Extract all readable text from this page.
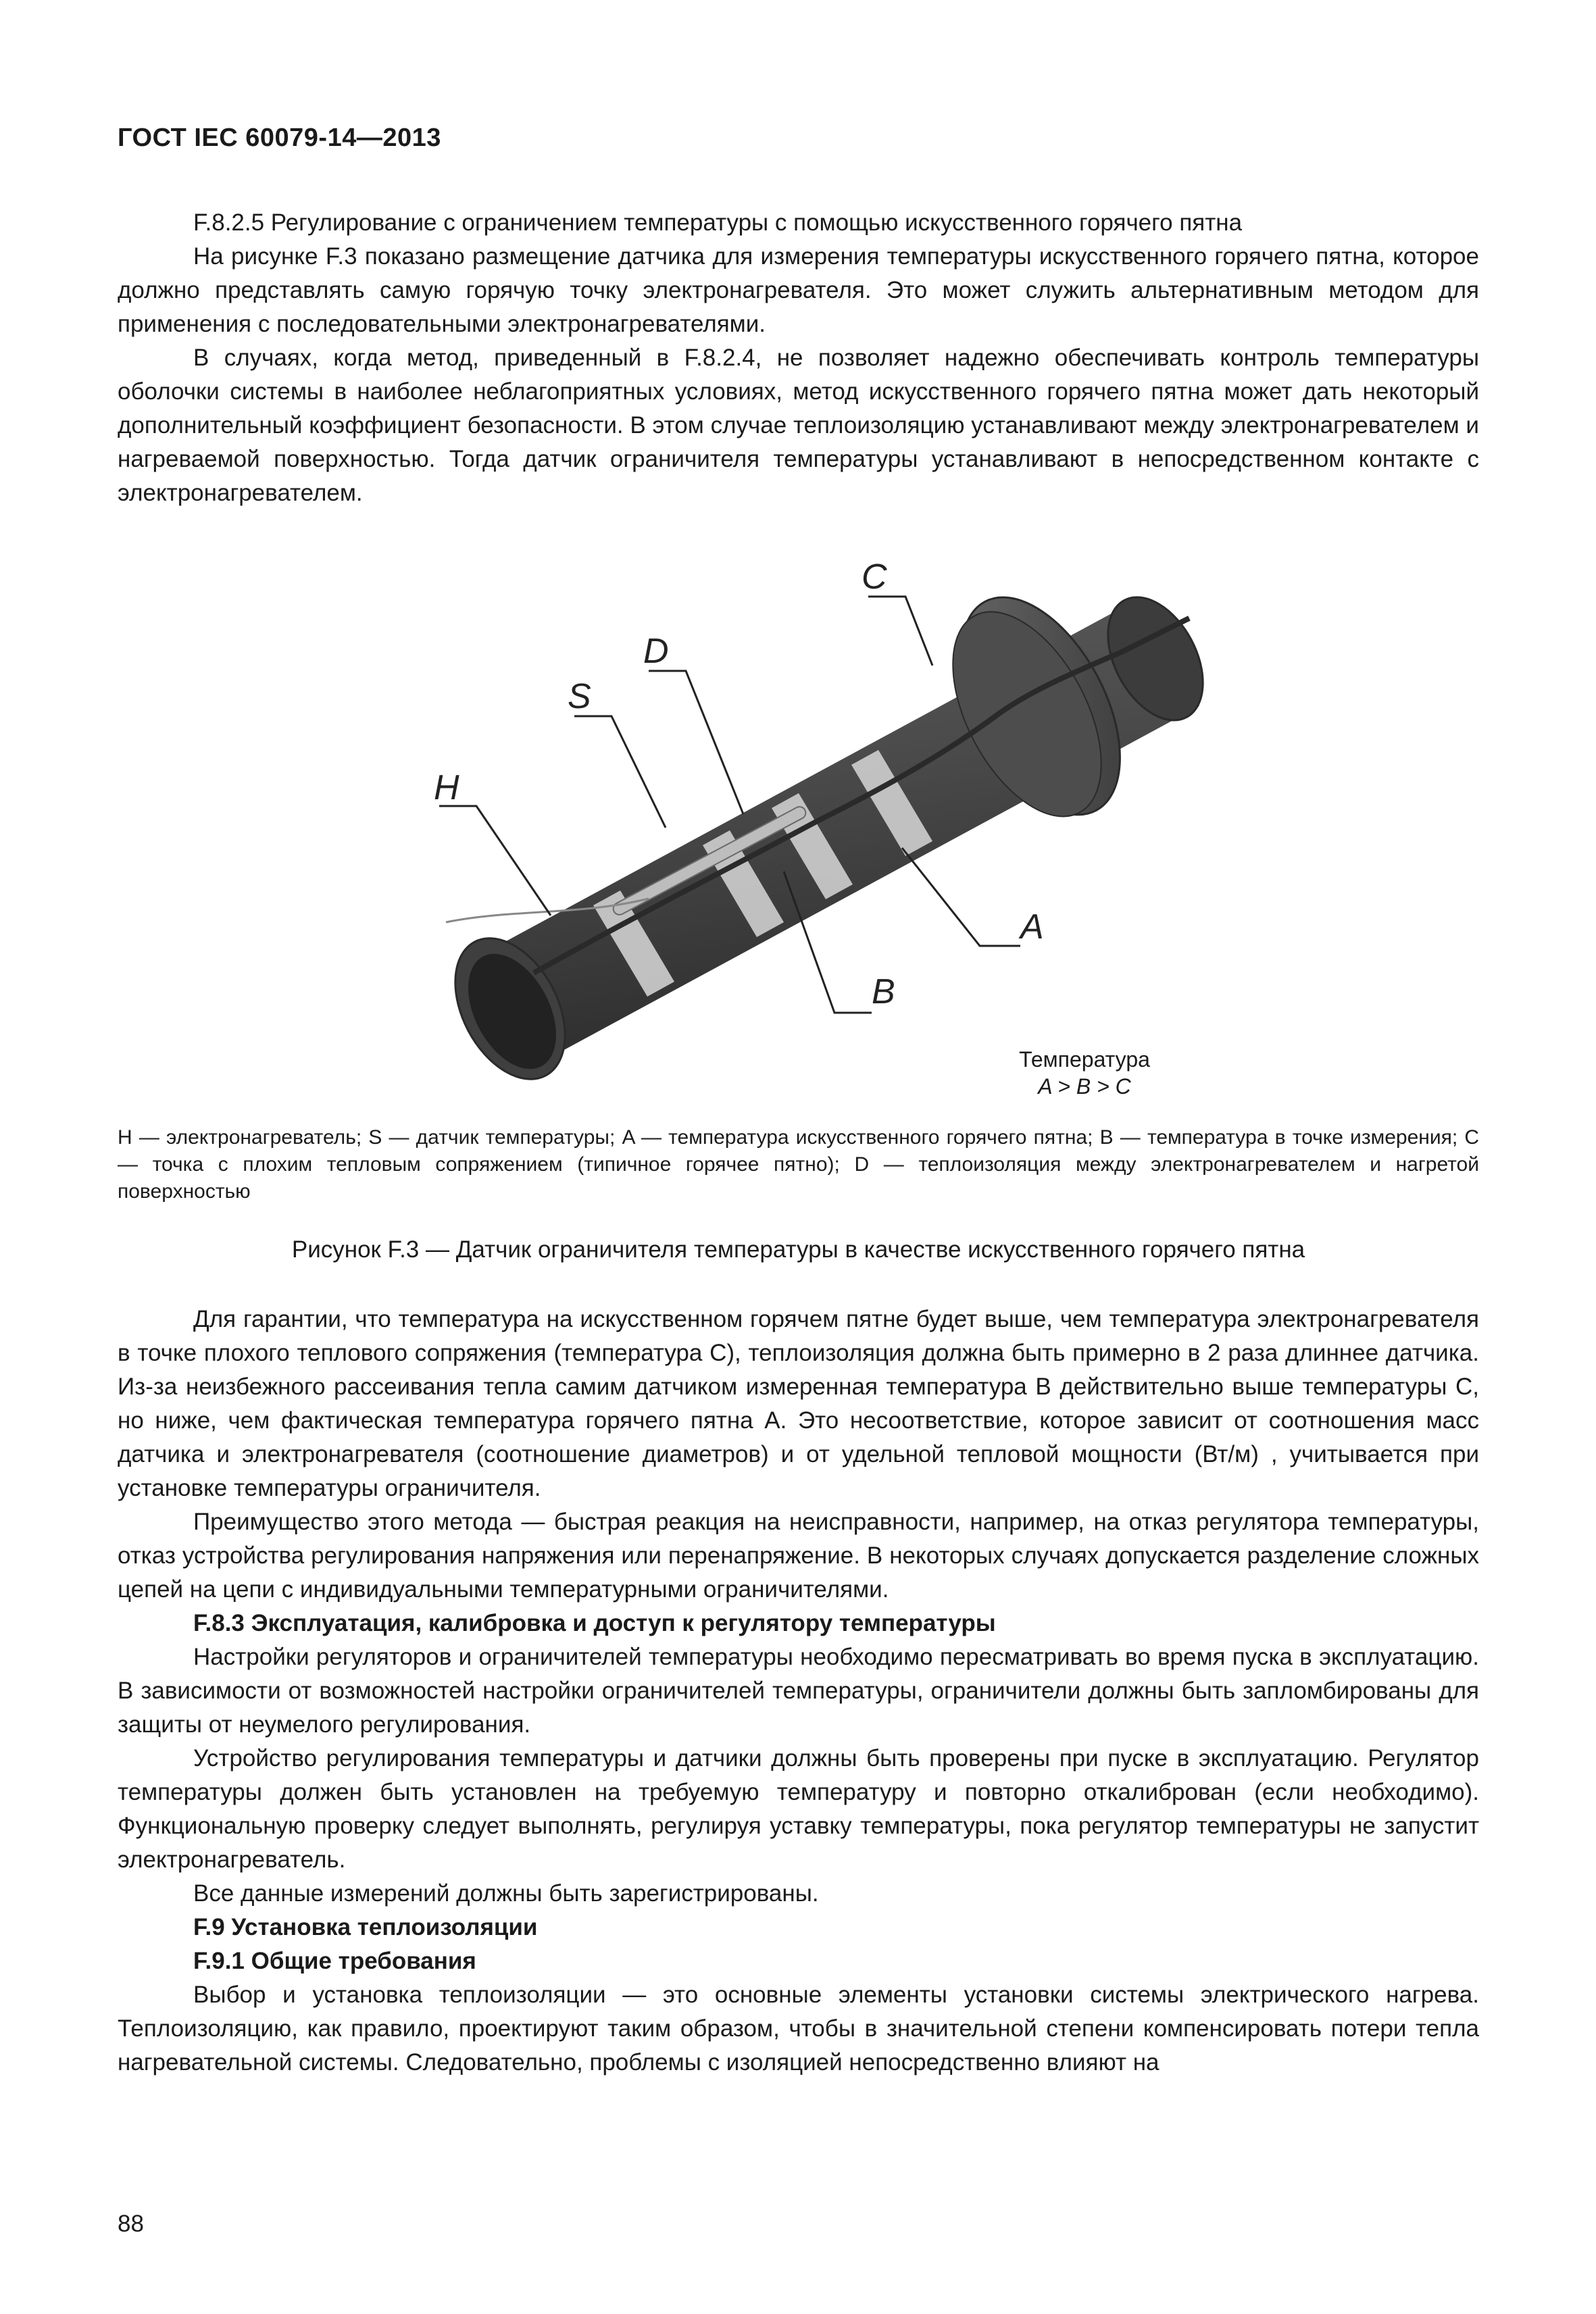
ГОСТ IEC 60079-14—2013

F.8.2.5 Регулирование с ограничением температуры с помощью искусственного горячего пятна

На рисунке F.3 показано размещение датчика для измерения температуры искусственного горячего пятна, которое должно представлять самую горячую точку электронагревателя. Это может служить альтернативным методом для применения с последовательными электронагревателями.

В случаях, когда метод, приведенный в F.8.2.4, не позволяет надежно обеспечивать контроль температуры оболочки системы в наиболее неблагоприятных условиях, метод искусственного горячего пятна может дать некоторый дополнительный коэффициент безопасности. В этом случае теплоизоляцию устанавливают между электронагревателем и нагреваемой поверхностью. Тогда датчик ограничителя температуры устанавливают в непосредственном контакте с электронагревателем.

H
S
D
C
A
B
Температура
A > B > C

H — электронагреватель; S — датчик температуры; A — температура искусственного горячего пятна; B — температура в точке измерения; C — точка с плохим тепловым сопряжением (типичное горячее пятно); D — теплоизоляция между электронагревателем и нагретой поверхностью

Рисунок F.3 — Датчик ограничителя температуры в качестве искусственного горячего пятна

Для гарантии, что температура на искусственном горячем пятне будет выше, чем температура электронагревателя в точке плохого теплового сопряжения (температура С), теплоизоляция должна быть примерно в 2 раза длиннее датчика. Из-за неизбежного рассеивания тепла самим датчиком измеренная температура В действительно выше температуры С, но ниже, чем фактическая температура горячего пятна А. Это несоответствие, которое зависит от соотношения масс датчика и электронагревателя (соотношение диаметров) и от удельной тепловой мощности (Вт/м) , учитывается при установке температуры ограничителя.

Преимущество этого метода — быстрая реакция на неисправности, например, на отказ регулятора температуры, отказ устройства регулирования напряжения или перенапряжение. В некоторых случаях допускается разделение сложных цепей на цепи с индивидуальными температурными ограничителями.

F.8.3 Эксплуатация, калибровка и доступ к регулятору температуры

Настройки регуляторов и ограничителей температуры необходимо пересматривать во время пуска в эксплуатацию. В зависимости от возможностей настройки ограничителей температуры, ограничители должны быть запломбированы для защиты от неумелого регулирования.

Устройство регулирования температуры и датчики должны быть проверены при пуске в эксплуатацию. Регулятор температуры должен быть установлен на требуемую температуру и повторно откалиброван (если необходимо). Функциональную проверку следует выполнять, регулируя уставку температуры, пока регулятор температуры не запустит электронагреватель.

Все данные измерений должны быть зарегистрированы.

F.9 Установка теплоизоляции

F.9.1 Общие требования

Выбор и установка теплоизоляции — это основные элементы установки системы электрического нагрева. Теплоизоляцию, как правило, проектируют таким образом, чтобы в значительной степени компенсировать потери тепла нагревательной системы. Следовательно, проблемы с изоляцией непосредственно влияют на

88
